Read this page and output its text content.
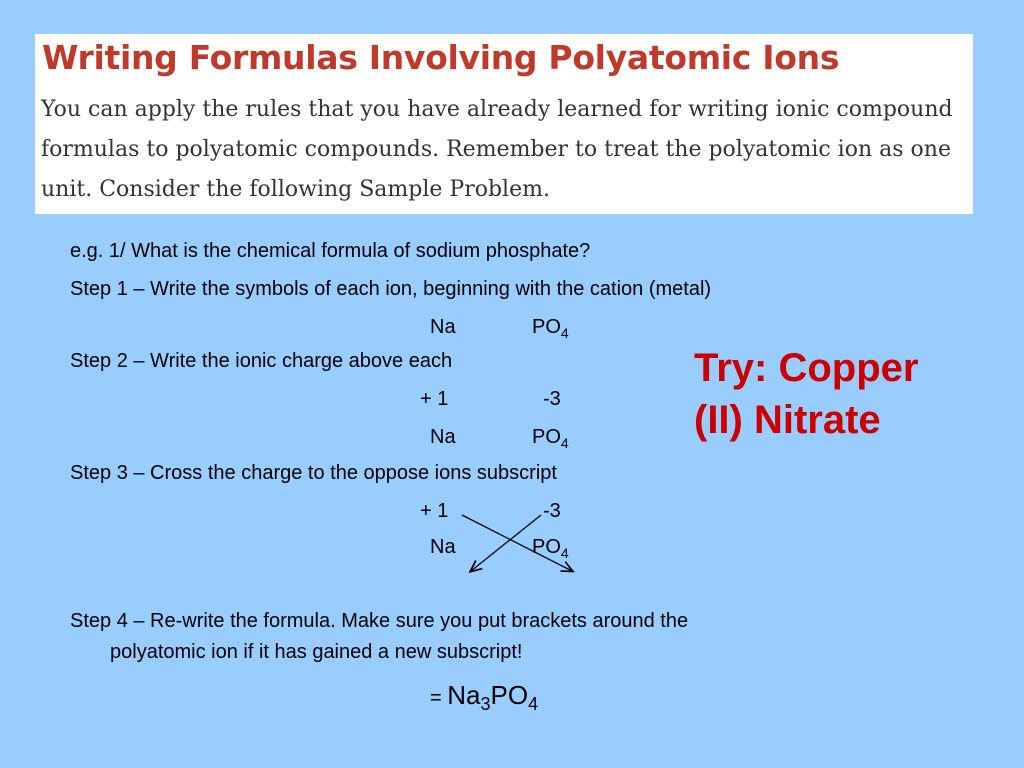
Writing Formulas Involving Polyatomic Ions
You can apply the rules that you have already learned for writing ionic compound formulas to polyatomic compounds. Remember to treat the polyatomic ion as one unit. Consider the following Sample Problem.
e.g. 1/ What is the chemical formula of sodium phosphate?
Step 1 – Write the symbols of each ion, beginning with the cation (metal)
Na	$PO_4$
Step 2 – Write the ionic charge above each
+ 1	-3
Na	$PO_4$
Step 3 – Cross the charge to the oppose ions subscript
+ 1	-3
Na	$PO_4$
Step 4 – Re-write the formula. Make sure you put brackets around the
polyatomic ion if it has gained a new subscript!
= Na3PO4
Try: Copper
(II) Nitrate
